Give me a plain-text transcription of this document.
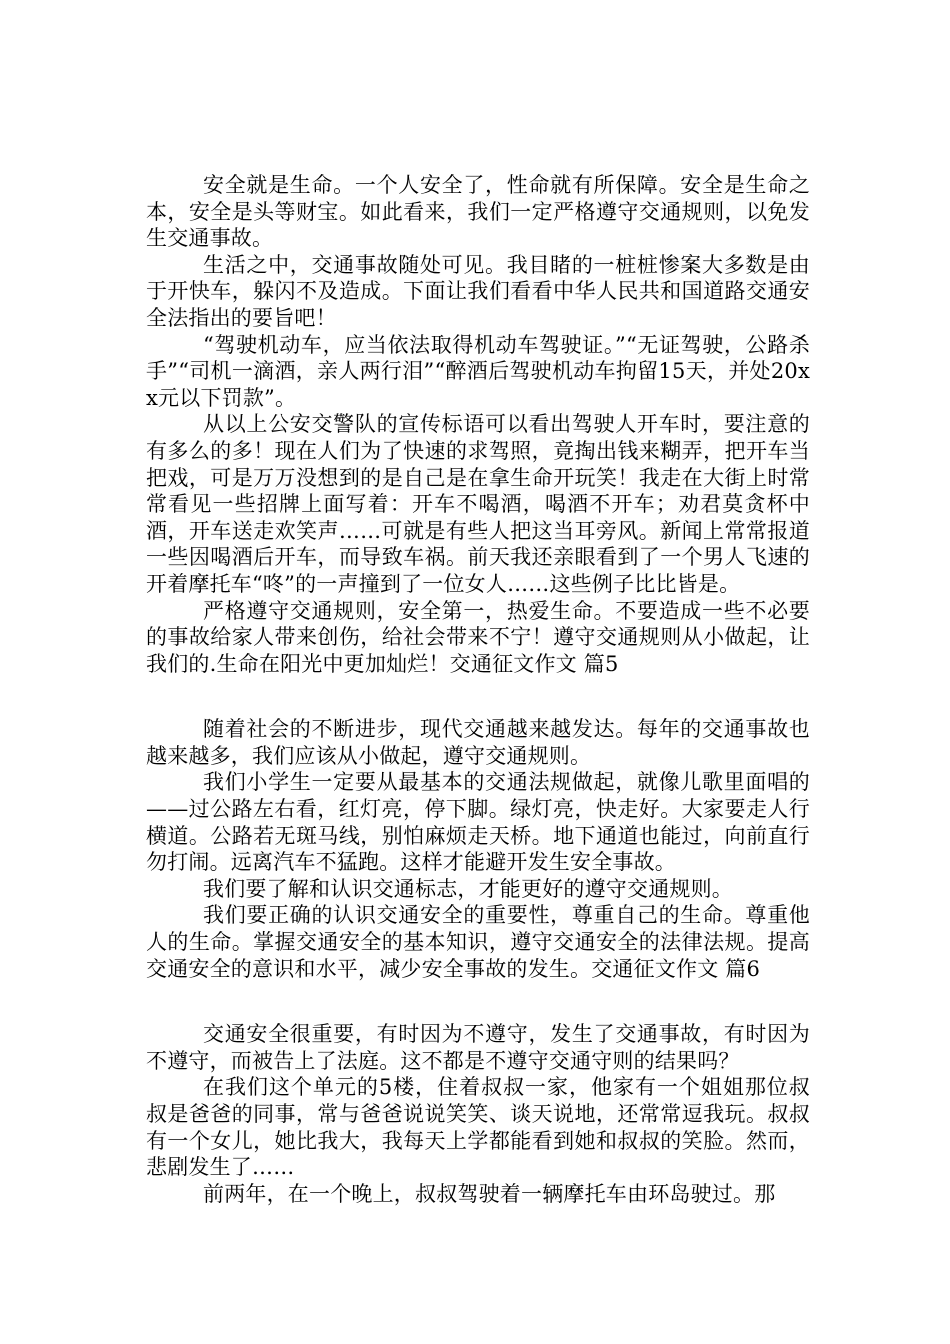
安全就是生命。一个人安全了，性命就有所保障。安全是生命之本，安全是头等财宝。如此看来，我们一定严格遵守交通规则，以免发生交通事故。

生活之中，交通事故随处可见。我目睹的一桩桩惨案大多数是由于开快车，躲闪不及造成。下面让我们看看中华人民共和国道路交通安全法指出的要旨吧！

“驾驶机动车，应当依法取得机动车驾驶证。”“无证驾驶，公路杀手”“司机一滴酒，亲人两行泪”“醉酒后驾驶机动车拘留15天，并处20xx元以下罚款”。

从以上公安交警队的宣传标语可以看出驾驶人开车时，要注意的有多么的多！现在人们为了快速的求驾照，竟掏出钱来糊弄，把开车当把戏，可是万万没想到的是自己是在拿生命开玩笑！我走在大街上时常常看见一些招牌上面写着：开车不喝酒，喝酒不开车；劝君莫贪杯中酒，开车送走欢笑声……可就是有些人把这当耳旁风。新闻上常常报道一些因喝酒后开车，而导致车祸。前天我还亲眼看到了一个男人飞速的开着摩托车“咚”的一声撞到了一位女人……这些例子比比皆是。

严格遵守交通规则，安全第一，热爱生命。不要造成一些不必要的事故给家人带来创伤，给社会带来不宁！遵守交通规则从小做起，让我们的.生命在阳光中更加灿烂！交通征文作文 篇5

随着社会的不断进步，现代交通越来越发达。每年的交通事故也越来越多，我们应该从小做起，遵守交通规则。

我们小学生一定要从最基本的交通法规做起，就像儿歌里面唱的——过公路左右看，红灯亮，停下脚。绿灯亮，快走好。大家要走人行横道。公路若无斑马线，别怕麻烦走天桥。地下通道也能过，向前直行勿打闹。远离汽车不猛跑。这样才能避开发生安全事故。

我们要了解和认识交通标志，才能更好的遵守交通规则。

我们要正确的认识交通安全的重要性，尊重自己的生命。尊重他人的生命。掌握交通安全的基本知识，遵守交通安全的法律法规。提高交通安全的意识和水平，减少安全事故的发生。交通征文作文 篇6

交通安全很重要，有时因为不遵守，发生了交通事故，有时因为不遵守，而被告上了法庭。这不都是不遵守交通守则的结果吗？

在我们这个单元的5楼，住着叔叔一家，他家有一个姐姐那位叔叔是爸爸的同事，常与爸爸说说笑笑、谈天说地，还常常逗我玩。叔叔有一个女儿，她比我大，我每天上学都能看到她和叔叔的笑脸。然而，悲剧发生了……

前两年，在一个晚上，叔叔驾驶着一辆摩托车由环岛驶过。那
